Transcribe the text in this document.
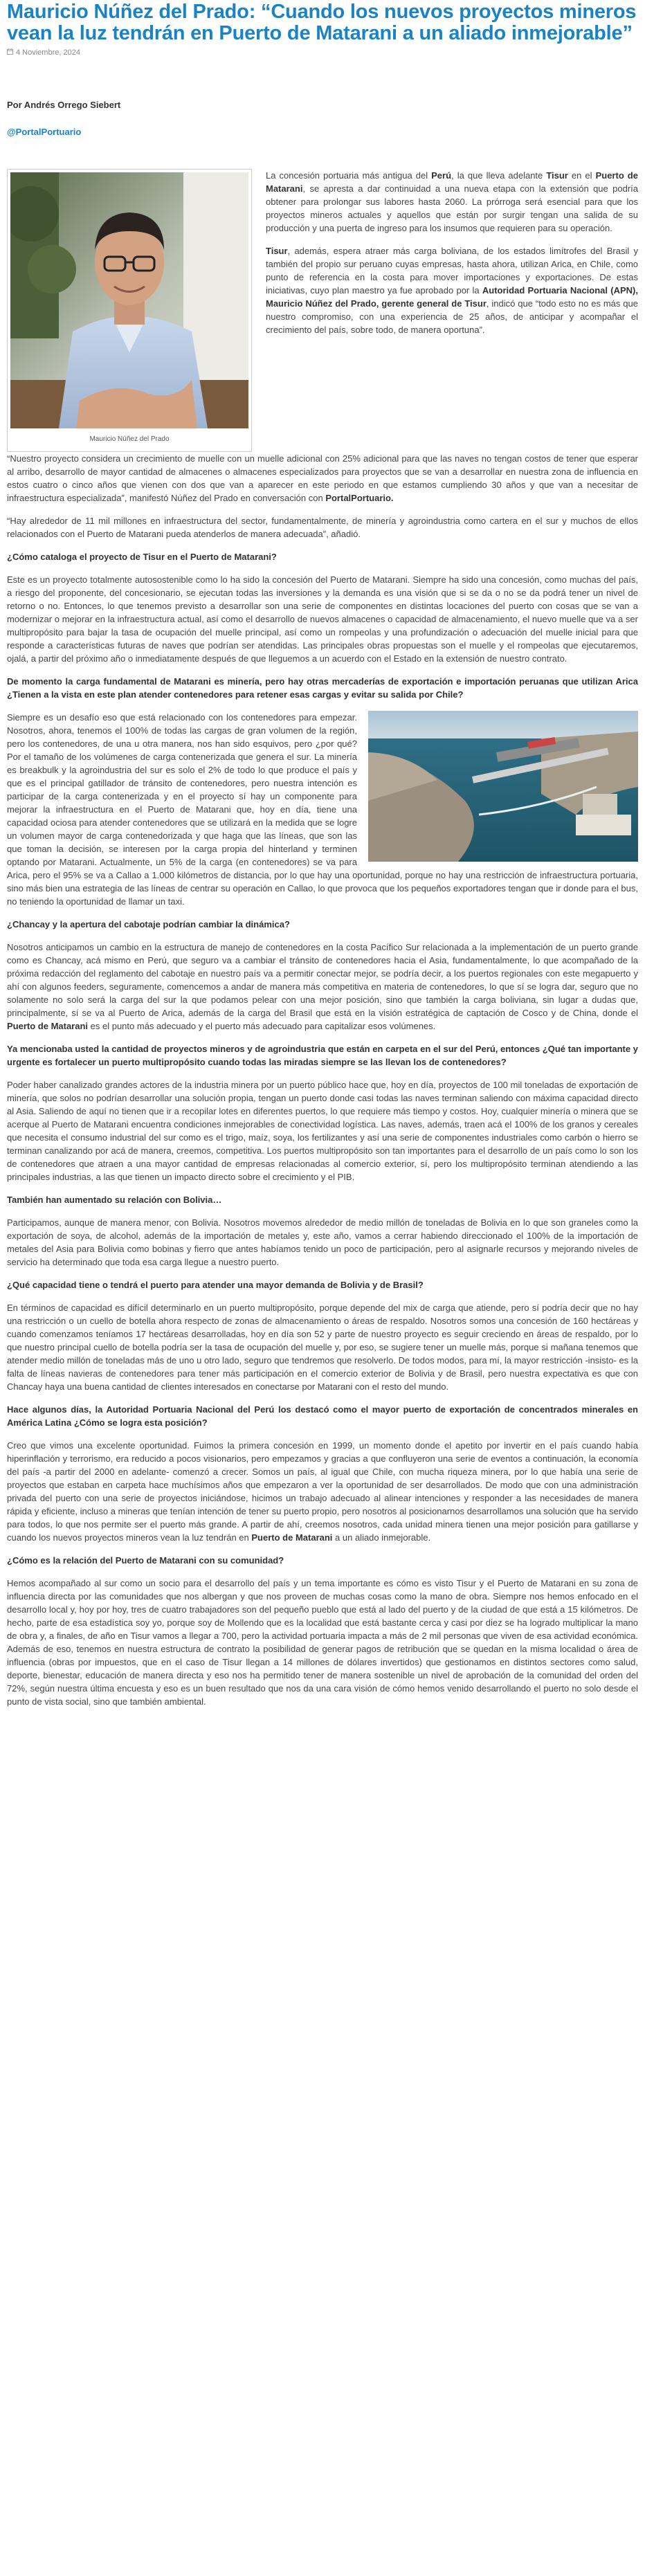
Mauricio Núñez del Prado: “Cuando los nuevos proyectos mineros vean la luz tendrán en Puerto de Matarani a un aliado inmejorable”
4 Noviembre, 2024
Por Andrés Orrego Siebert
@PortalPortuario
Mauricio Núñez del Prado

La concesión portuaria más antigua del Perú, la que lleva adelante Tisur en el Puerto de Matarani, se apresta a dar continuidad a una nueva etapa con la extensión que podría obtener para prolongar sus labores hasta 2060. La prórroga será esencial para que los proyectos mineros actuales y aquellos que están por surgir tengan una salida de su producción y una puerta de ingreso para los insumos que requieren para su operación.

Tisur, además, espera atraer más carga boliviana, de los estados limítrofes del Brasil y también del propio sur peruano cuyas empresas, hasta ahora, utilizan Arica, en Chile, como punto de referencia en la costa para mover importaciones y exportaciones. De estas iniciativas, cuyo plan maestro ya fue aprobado por la Autoridad Portuaria Nacional (APN), Mauricio Núñez del Prado, gerente general de Tisur, indicó que “todo esto no es más que nuestro compromiso, con una experiencia de 25 años, de anticipar y acompañar el crecimiento del país, sobre todo, de manera oportuna”.

“Nuestro proyecto considera un crecimiento de muelle con un muelle adicional con 25% adicional para que las naves no tengan costos de tener que esperar al arribo, desarrollo de mayor cantidad de almacenes o almacenes especializados para proyectos que se van a desarrollar en nuestra zona de influencia en estos cuatro o cinco años que vienen con dos que van a aparecer en este periodo en que estamos cumpliendo 30 años y que van a necesitar de infraestructura especializada”, manifestó Núñez del Prado en conversación con PortalPortuario.

“Hay alrededor de 11 mil millones en infraestructura del sector, fundamentalmente, de minería y agroindustria como cartera en el sur y muchos de ellos relacionados con el Puerto de Matarani pueda atenderlos de manera adecuada”, añadió.

¿Cómo cataloga el proyecto de Tisur en el Puerto de Matarani?

Este es un proyecto totalmente autosostenible como lo ha sido la concesión del Puerto de Matarani. Siempre ha sido una concesión, como muchas del país, a riesgo del proponente, del concesionario, se ejecutan todas las inversiones y la demanda es una visión que si se da o no se da podrá tener un nivel de retorno o no. Entonces, lo que tenemos previsto a desarrollar son una serie de componentes en distintas locaciones del puerto con cosas que se van a modernizar o mejorar en la infraestructura actual, así como el desarrollo de nuevos almacenes o capacidad de almacenamiento, el nuevo muelle que va a ser multipropósito para bajar la tasa de ocupación del muelle principal, así como un rompeolas y una profundización o adecuación del muelle inicial para que responde a características futuras de naves que podrían ser atendidas. Las principales obras propuestas son el muelle y el rompeolas que ejecutaremos, ojalá, a partir del próximo año o inmediatamente después de que lleguemos a un acuerdo con el Estado en la extensión de nuestro contrato.

De momento la carga fundamental de Matarani es minería, pero hay otras mercaderías de exportación e importación peruanas que utilizan Arica ¿Tienen a la vista en este plan atender contenedores para retener esas cargas y evitar su salida por Chile?

Siempre es un desafío eso que está relacionado con los contenedores para empezar. Nosotros, ahora, tenemos el 100% de todas las cargas de gran volumen de la región, pero los contenedores, de una u otra manera, nos han sido esquivos, pero ¿por qué? Por el tamaño de los volúmenes de carga contenerizada que genera el sur. La minería es breakbulk y la agroindustria del sur es solo el 2% de todo lo que produce el país y que es el principal gatillador de tránsito de contenedores, pero nuestra intención es participar de la carga contenerizada y en el proyecto sí hay un componente para mejorar la infraestructura en el Puerto de Matarani que, hoy en día, tiene una capacidad ociosa para atender contenedores que se utilizará en la medida que se logre un volumen mayor de carga contenedorizada y que haga que las líneas, que son las que toman la decisión, se interesen por la carga propia del hinterland y terminen optando por Matarani. Actualmente, un 5% de la carga (en contenedores) se va para Arica, pero el 95% se va a Callao a 1.000 kilómetros de distancia, por lo que hay una oportunidad, porque no hay una restricción de infraestructura portuaria, sino más bien una estrategia de las líneas de centrar su operación en Callao, lo que provoca que los pequeños exportadores tengan que ir donde para el bus, no teniendo la oportunidad de llamar un taxi.

¿Chancay y la apertura del cabotaje podrían cambiar la dinámica?

Nosotros anticipamos un cambio en la estructura de manejo de contenedores en la costa Pacífico Sur relacionada a la implementación de un puerto grande como es Chancay, acá mismo en Perú, que seguro va a cambiar el tránsito de contenedores hacia el Asia, fundamentalmente, lo que acompañado de la próxima redacción del reglamento del cabotaje en nuestro país va a permitir conectar mejor, se podría decir, a los puertos regionales con este megapuerto y ahí con algunos feeders, seguramente, comencemos a andar de manera más competitiva en materia de contenedores, lo que sí se logra dar, seguro que no solamente no solo será la carga del sur la que podamos pelear con una mejor posición, sino que también la carga boliviana, sin lugar a dudas que, principalmente, sí se va al Puerto de Arica, además de la carga del Brasil que está en la visión estratégica de captación de Cosco y de China, donde el Puerto de Matarani es el punto más adecuado y el puerto más adecuado para capitalizar esos volúmenes.

Ya mencionaba usted la cantidad de proyectos mineros y de agroindustria que están en carpeta en el sur del Perú, entonces ¿Qué tan importante y urgente es fortalecer un puerto multipropósito cuando todas las miradas siempre se las llevan los de contenedores?

Poder haber canalizado grandes actores de la industria minera por un puerto público hace que, hoy en día, proyectos de 100 mil toneladas de exportación de minería, que solos no podrían desarrollar una solución propia, tengan un puerto donde casi todas las naves terminan saliendo con máxima capacidad directo al Asia. Saliendo de aquí no tienen que ir a recopilar lotes en diferentes puertos, lo que requiere más tiempo y costos. Hoy, cualquier minería o minera que se acerque al Puerto de Matarani encuentra condiciones inmejorables de conectividad logística. Las naves, además, traen acá el 100% de los granos y cereales que necesita el consumo industrial del sur como es el trigo, maíz, soya, los fertilizantes y así una serie de componentes industriales como carbón o hierro se terminan canalizando por acá de manera, creemos, competitiva. Los puertos multipropósito son tan importantes para el desarrollo de un país como lo son los de contenedores que atraen a una mayor cantidad de empresas relacionadas al comercio exterior, sí, pero los multipropósito terminan atendiendo a las principales industrias, a las que tienen un impacto directo sobre el crecimiento y el PIB.

También han aumentado su relación con Bolivia…

Participamos, aunque de manera menor, con Bolivia. Nosotros movemos alrededor de medio millón de toneladas de Bolivia en lo que son graneles como la exportación de soya, de alcohol, además de la importación de metales y, este año, vamos a cerrar habiendo direccionado el 100% de la importación de metales del Asia para Bolivia como bobinas y fierro que antes habíamos tenido un poco de participación, pero al asignarle recursos y mejorando niveles de servicio ha determinado que toda esa carga llegue a nuestro puerto.

¿Qué capacidad tiene o tendrá el puerto para atender una mayor demanda de Bolivia y de Brasil?

En términos de capacidad es difícil determinarlo en un puerto multipropósito, porque depende del mix de carga que atiende, pero sí podría decir que no hay una restricción o un cuello de botella ahora respecto de zonas de almacenamiento o áreas de respaldo. Nosotros somos una concesión de 160 hectáreas y cuando comenzamos teníamos 17 hectáreas desarrolladas, hoy en día son 52 y parte de nuestro proyecto es seguir creciendo en áreas de respaldo, por lo que nuestro principal cuello de botella podría ser la tasa de ocupación del muelle y, por eso, se sugiere tener un muelle más, porque si mañana tenemos que atender medio millón de toneladas más de uno u otro lado, seguro que tendremos que resolverlo. De todos modos, para mí, la mayor restricción -insisto- es la falta de líneas navieras de contenedores para tener más participación en el comercio exterior de Bolivia y de Brasil, pero nuestra expectativa es que con Chancay haya una buena cantidad de clientes interesados en conectarse por Matarani con el resto del mundo.

Hace algunos días, la Autoridad Portuaria Nacional del Perú los destacó como el mayor puerto de exportación de concentrados minerales en América Latina ¿Cómo se logra esta posición?

Creo que vimos una excelente oportunidad. Fuimos la primera concesión en 1999, un momento donde el apetito por invertir en el país cuando había hiperinflación y terrorismo, era reducido a pocos visionarios, pero empezamos y gracias a que confluyeron una serie de eventos a continuación, la economía del país -a partir del 2000 en adelante- comenzó a crecer. Somos un país, al igual que Chile, con mucha riqueza minera, por lo que había una serie de proyectos que estaban en carpeta hace muchísimos años que empezaron a ver la oportunidad de ser desarrollados. De modo que con una administración privada del puerto con una serie de proyectos iniciándose, hicimos un trabajo adecuado al alinear intenciones y responder a las necesidades de manera rápida y eficiente, incluso a mineras que tenían intención de tener su puerto propio, pero nosotros al posicionarnos desarrollamos una solución que ha servido para todos, lo que nos permite ser el puerto más grande. A partir de ahí, creemos nosotros, cada unidad minera tienen una mejor posición para gatillarse y cuando los nuevos proyectos mineros vean la luz tendrán en Puerto de Matarani a un aliado inmejorable.

¿Cómo es la relación del Puerto de Matarani con su comunidad?

Hemos acompañado al sur como un socio para el desarrollo del país y un tema importante es cómo es visto Tisur y el Puerto de Matarani en su zona de influencia directa por las comunidades que nos albergan y que nos proveen de muchas cosas como la mano de obra. Siempre nos hemos enfocado en el desarrollo local y, hoy por hoy, tres de cuatro trabajadores son del pequeño pueblo que está al lado del puerto y de la ciudad de que está a 15 kilómetros. De hecho, parte de esa estadística soy yo, porque soy de Mollendo que es la localidad que está bastante cerca y casi por diez se ha logrado multiplicar la mano de obra y, a finales, de año en Tisur vamos a llegar a 700, pero la actividad portuaria impacta a más de 2 mil personas que viven de esa actividad económica. Además de eso, tenemos en nuestra estructura de contrato la posibilidad de generar pagos de retribución que se quedan en la misma localidad o área de influencia (obras por impuestos, que en el caso de Tisur llegan a 14 millones de dólares invertidos) que gestionamos en distintos sectores como salud, deporte, bienestar, educación de manera directa y eso nos ha permitido tener de manera sostenible un nivel de aprobación de la comunidad del orden del 72%, según nuestra última encuesta y eso es un buen resultado que nos da una cara visión de cómo hemos venido desarrollando el puerto no solo desde el punto de vista social, sino que también ambiental.
